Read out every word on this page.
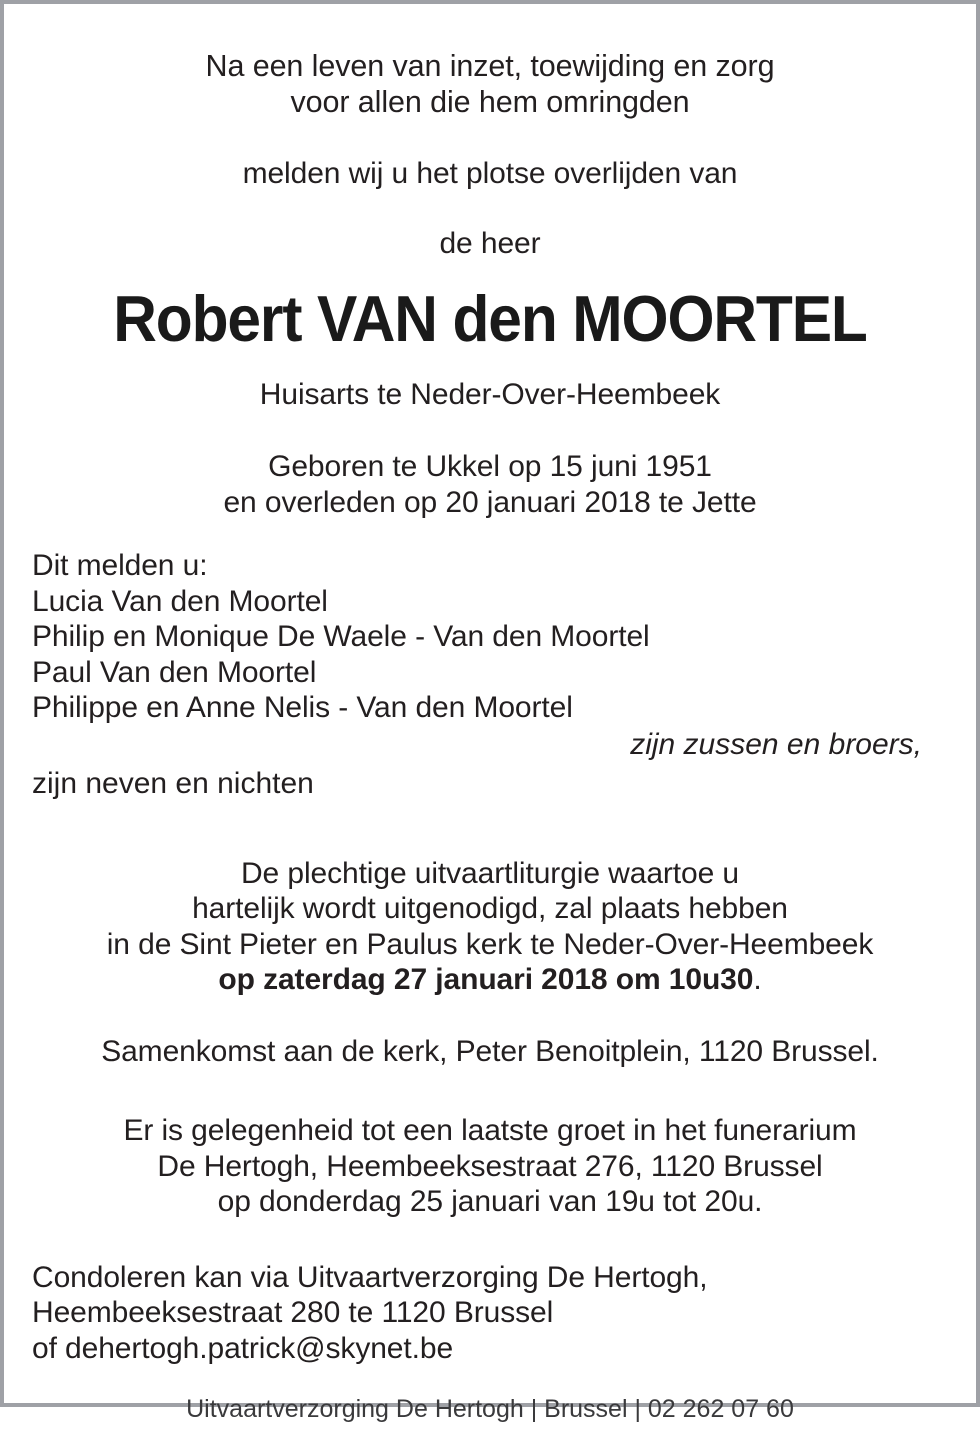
Na een leven van inzet, toewijding en zorg
voor allen die hem omringden
melden wij u het plotse overlijden van
de heer
Robert VAN den MOORTEL
Huisarts te Neder-Over-Heembeek
Geboren te Ukkel op 15 juni 1951
en overleden op 20 januari 2018 te Jette
Dit melden u:
Lucia Van den Moortel
Philip en Monique De Waele - Van den Moortel
Paul Van den Moortel
Philippe en Anne Nelis - Van den Moortel
zijn zussen en broers,
zijn neven en nichten
De plechtige uitvaartliturgie waartoe u
hartelijk wordt uitgenodigd, zal plaats hebben
in de Sint Pieter en Paulus kerk te Neder-Over-Heembeek
op zaterdag 27 januari 2018 om 10u30.
Samenkomst aan de kerk, Peter Benoitplein, 1120 Brussel.
Er is gelegenheid tot een laatste groet in het funerarium
De Hertogh, Heembeeksestraat 276, 1120 Brussel
op donderdag 25 januari van 19u tot 20u.
Condoleren kan via Uitvaartverzorging De Hertogh,
Heembeeksestraat 280 te 1120 Brussel
of dehertogh.patrick@skynet.be
Uitvaartverzorging De Hertogh | Brussel | 02 262 07 60
